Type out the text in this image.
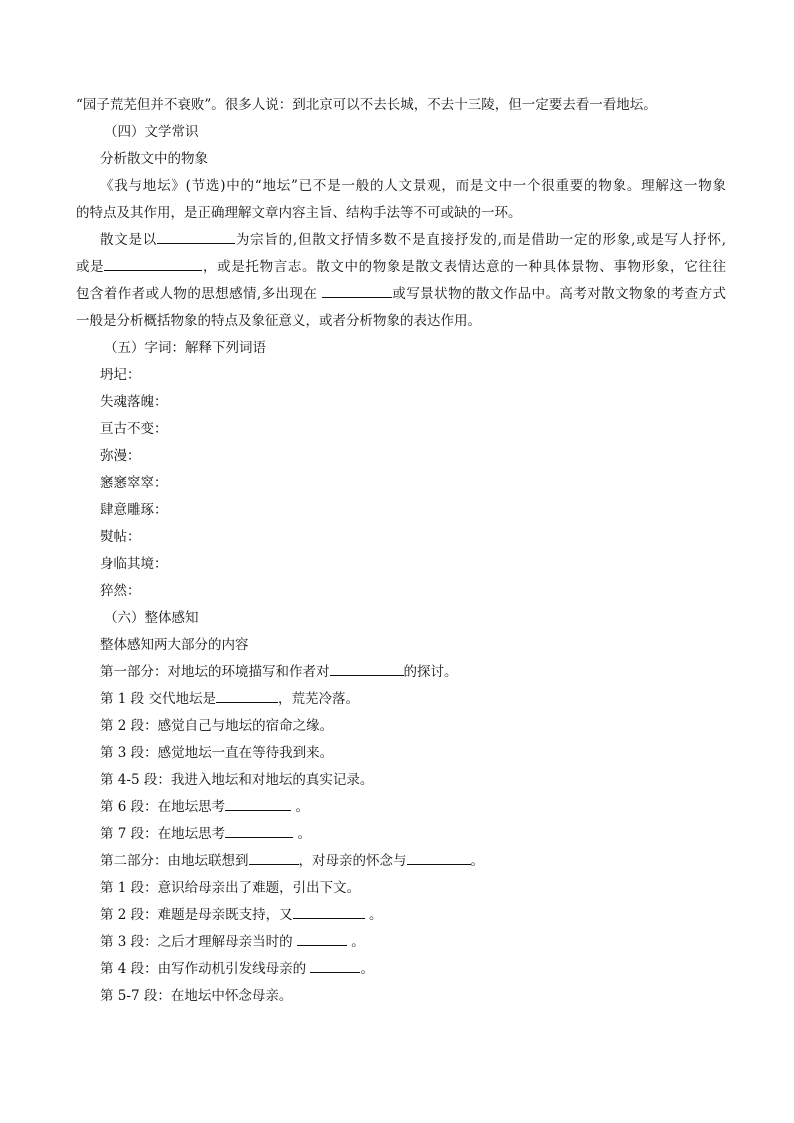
“园子荒芜但并不衰败”。很多人说：到北京可以不去长城，不去十三陵，但一定要去看一看地坛。
（四）文学常识
分析散文中的物象
《我与地坛》(节选)中的“地坛”已不是一般的人文景观，而是文中一个很重要的物象。理解这一物象
的特点及其作用，是正确理解文章内容主旨、结构手法等不可或缺的一环。
散文是以	为宗旨的,但散文抒情多数不是直接抒发的,而是借助一定的形象,或是写人抒怀,
或是	，或是托物言志。散文中的物象是散文表情达意的一种具体景物、事物形象，它往往
包含着作者或人物的思想感情,多出现在	或写景状物的散文作品中。高考对散文物象的考查方式
一般是分析概括物象的特点及象征意义，或者分析物象的表达作用。
（五）字词：解释下列词语
坍圮：
失魂落魄：
亘古不变：
弥漫：
窸窸窣窣：
肆意雕琢：
熨帖：
身临其境：
猝然：
（六）整体感知
整体感知两大部分的内容
第一部分：对地坛的环境描写和作者对	的探讨。
第 1 段 交代地坛是	，荒芜冷落。
第 2 段：感觉自己与地坛的宿命之缘。
第 3 段：感觉地坛一直在等待我到来。
第 4-5 段：我进入地坛和对地坛的真实记录。
第 6 段：在地坛思考	。
第 7 段：在地坛思考	。
第二部分：由地坛联想到	，对母亲的怀念与	。
第 1 段：意识给母亲出了难题，引出下文。
第 2 段：难题是母亲既支持，又	。
第 3 段：之后才理解母亲当时的	。
第 4 段：由写作动机引发线母亲的	。
第 5-7 段：在地坛中怀念母亲。
